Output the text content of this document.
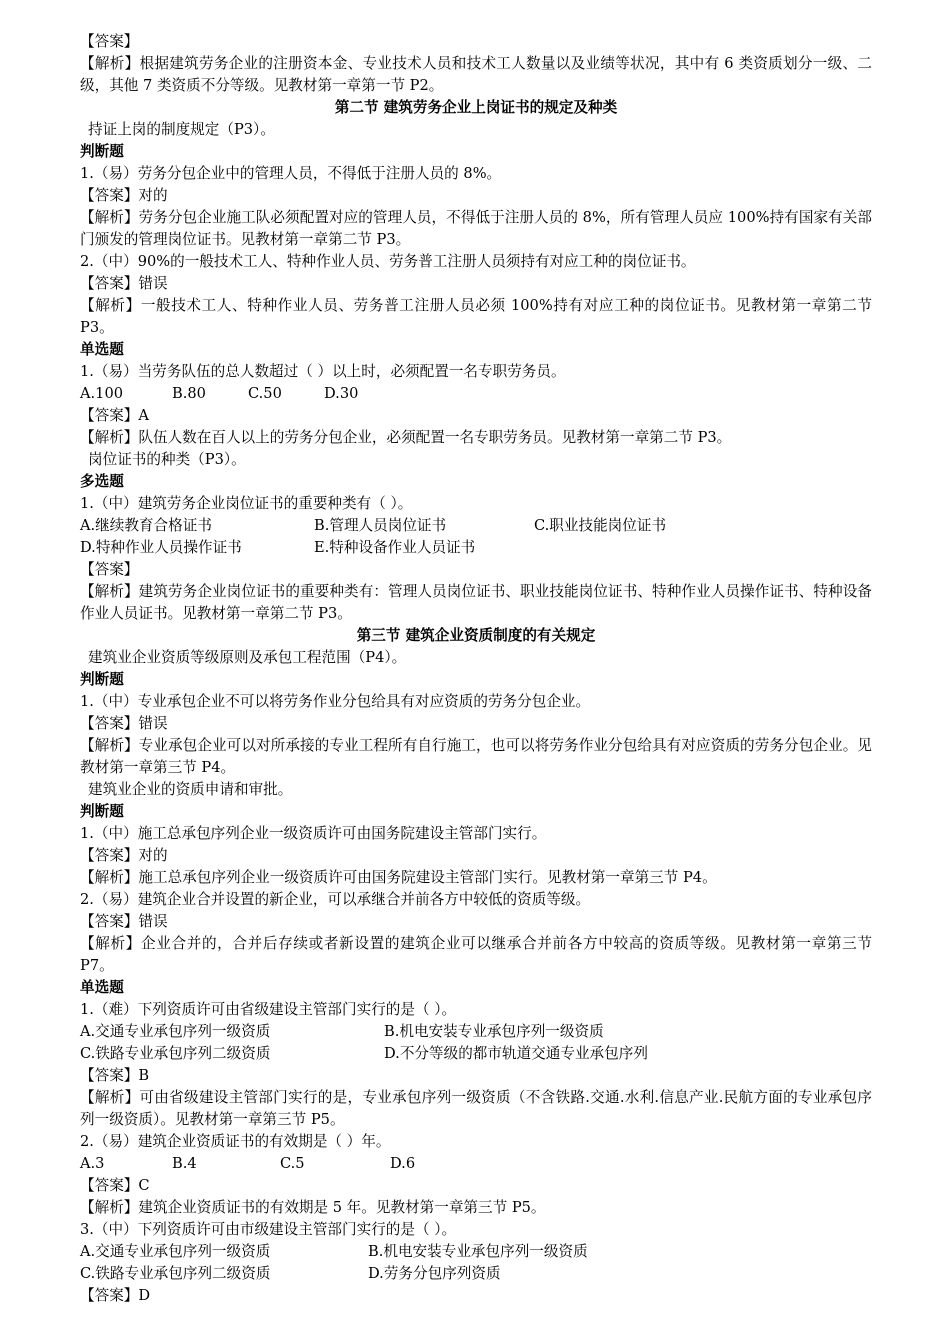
【答案】
【解析】根据建筑劳务企业的注册资本金、专业技术人员和技术工人数量以及业绩等状况，其中有 6 类资质划分一级、二级，其他 7 类资质不分等级。见教材第一章第一节 P2。
第二节 建筑劳务企业上岗证书的规定及种类
持证上岗的制度规定（P3）。
判断题
1.（易）劳务分包企业中的管理人员，不得低于注册人员的 8%。
【答案】对的
【解析】劳务分包企业施工队必须配置对应的管理人员，不得低于注册人员的 8%，所有管理人员应 100%持有国家有关部门颁发的管理岗位证书。见教材第一章第二节 P3。
2.（中）90%的一般技术工人、特种作业人员、劳务普工注册人员须持有对应工种的岗位证书。
【答案】错误
【解析】一般技术工人、特种作业人员、劳务普工注册人员必须 100%持有对应工种的岗位证书。见教材第一章第二节 P3。
单选题
1.（易）当劳务队伍的总人数超过（ ）以上时，必须配置一名专职劳务员。
A.100	B.80	C.50	D.30
【答案】A
【解析】队伍人数在百人以上的劳务分包企业，必须配置一名专职劳务员。见教材第一章第二节 P3。
岗位证书的种类（P3）。
多选题
1.（中）建筑劳务企业岗位证书的重要种类有（ ）。
A.继续教育合格证书	B.管理人员岗位证书	C.职业技能岗位证书
D.特种作业人员操作证书	E.特种设备作业人员证书
【答案】
【解析】建筑劳务企业岗位证书的重要种类有：管理人员岗位证书、职业技能岗位证书、特种作业人员操作证书、特种设备作业人员证书。见教材第一章第二节 P3。
第三节 建筑企业资质制度的有关规定
建筑业企业资质等级原则及承包工程范围（P4）。
判断题
1.（中）专业承包企业不可以将劳务作业分包给具有对应资质的劳务分包企业。
【答案】错误
【解析】专业承包企业可以对所承接的专业工程所有自行施工，也可以将劳务作业分包给具有对应资质的劳务分包企业。见教材第一章第三节 P4。
建筑业企业的资质申请和审批。
判断题
1.（中）施工总承包序列企业一级资质许可由国务院建设主管部门实行。
【答案】对的
【解析】施工总承包序列企业一级资质许可由国务院建设主管部门实行。见教材第一章第三节 P4。
2.（易）建筑企业合并设置的新企业，可以承继合并前各方中较低的资质等级。
【答案】错误
【解析】企业合并的，合并后存续或者新设置的建筑企业可以继承合并前各方中较高的资质等级。见教材第一章第三节 P7。
单选题
1.（难）下列资质许可由省级建设主管部门实行的是（ ）。
A.交通专业承包序列一级资质	B.机电安装专业承包序列一级资质
C.铁路专业承包序列二级资质	D.不分等级的都市轨道交通专业承包序列
【答案】B
【解析】可由省级建设主管部门实行的是，专业承包序列一级资质（不含铁路.交通.水利.信息产业.民航方面的专业承包序列一级资质）。见教材第一章第三节 P5。
2.（易）建筑企业资质证书的有效期是（ ）年。
A.3	B.4	C.5	D.6
【答案】C
【解析】建筑企业资质证书的有效期是 5 年。见教材第一章第三节 P5。
3.（中）下列资质许可由市级建设主管部门实行的是（ ）。
A.交通专业承包序列一级资质	B.机电安装专业承包序列一级资质
C.铁路专业承包序列二级资质	D.劳务分包序列资质
【答案】D
